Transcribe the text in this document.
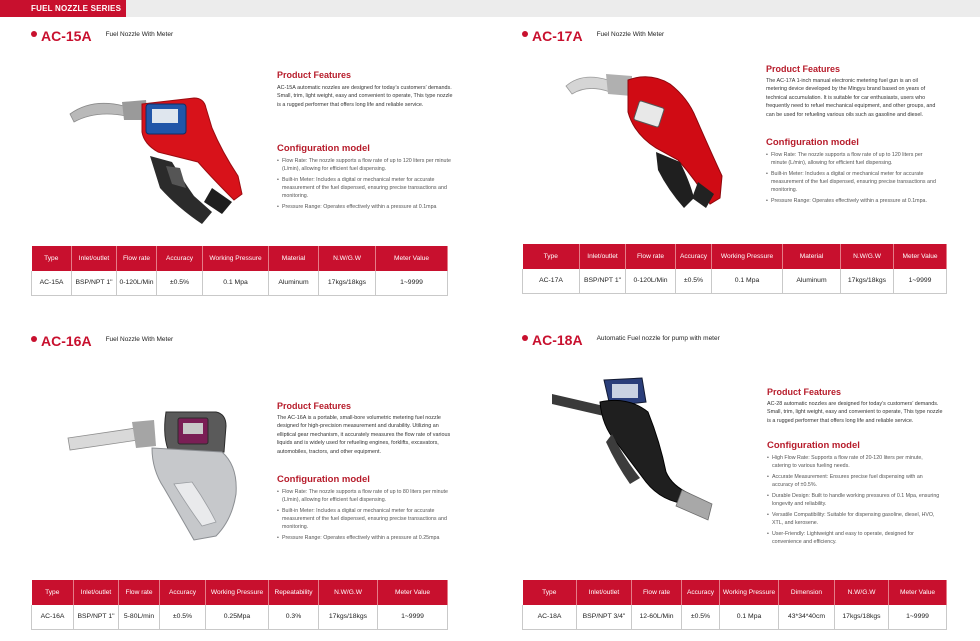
FUEL NOZZLE SERIES
AC-15A Fuel Nozzle With Meter
Product Features
AC-15A automatic nozzles are designed for today’s customers’ demands. Small, trim, light weight, easy and convenient to operate, This type nozzle is a rugged performer that offers long life and reliable service.
Configuration model
• Flow Rate: The nozzle supports a flow rate of up to 120 liters per minute (L/min), allowing for efficient fuel dispensing.
• Built-in Meter: Includes a digital or mechanical meter for accurate measurement of the fuel dispensed, ensuring precise transactions and monitoring.
• Pressure Range: Operates effectively within a pressure at 0.1mpa
Type	Inlet/outlet	Flow rate	Accuracy	Working Pressure	Material	N.W/G.W	Meter Value
AC-15A	BSP/NPT 1"	0-120L/Min	±0.5%	0.1 Mpa	Aluminum	17kgs/18kgs	1~9999
AC-17A Fuel Nozzle With Meter
Product Features
The AC-17A 1-inch manual electronic metering fuel gun is an oil metering device developed by the Mingyu brand based on years of technical accumulation. It is suitable for car enthusiasts, users who frequently need to refuel mechanical equipment, and other groups, and can be used for refueling various oils such as gasoline and diesel.
Configuration model
• Flow Rate: The nozzle supports a flow rate of up to 120 liters per minute (L/min), allowing for efficient fuel dispensing.
• Built-in Meter: Includes a digital or mechanical meter for accurate measurement of the fuel dispensed, ensuring precise transactions and monitoring.
• Pressure Range: Operates effectively within a pressure at 0.1mpa.
Type	Inlet/outlet	Flow rate	Accuracy	Working Pressure	Material	N.W/G.W	Meter Value
AC-17A	BSP/NPT 1"	0-120L/Min	±0.5%	0.1 Mpa	Aluminum	17kgs/18kgs	1~9999
AC-16A Fuel Nozzle With Meter
Product Features
The AC-16A is a portable, small-bore volumetric metering fuel nozzle designed for high-precision measurement and durability. Utilizing an elliptical gear mechanism, it accurately measures the flow rate of various liquids and is widely used for refueling engines, forklifts, excavators, automobiles, tractors, and other equipment.
Configuration model
• Flow Rate: The nozzle supports a flow rate of up to 80 liters per minute (L/min), allowing for efficient fuel dispensing.
• Built-in Meter: Includes a digital or mechanical meter for accurate measurement of the fuel dispensed, ensuring precise transactions and monitoring.
• Pressure Range: Operates effectively within a pressure at 0.25mpa
Type	Inlet/outlet	Flow rate	Accuracy	Working Pressure	Repeatability	N.W/G.W	Meter Value
AC-16A	BSP/NPT 1"	5-80L/min	±0.5%	0.25Mpa	0.3%	17kgs/18kgs	1~9999
AC-18A Automatic Fuel nozzle for pump with meter
Product Features
AC-28 automatic nozzles are designed for today’s customers’ demands. Small, trim, light weight, easy and convenient to operate, This type nozzle is a rugged performer that offers long life and reliable service.
Configuration model
• High Flow Rate: Supports a flow rate of 20-120 liters per minute, catering to various fueling needs.
• Accurate Measurement: Ensures precise fuel dispensing with an accuracy of ±0.5%.
• Durable Design: Built to handle working pressures of 0.1 Mpa, ensuring longevity and reliability.
• Versatile Compatibility: Suitable for dispensing gasoline, diesel, HVO, XTL, and kerosene.
• User-Friendly: Lightweight and easy to operate, designed for convenience and efficiency.
Type	Inlet/outlet	Flow rate	Accuracy	Working Pressure	Dimension	N.W/G.W	Meter Value
AC-18A	BSP/NPT 3/4"	12-60L/Min	±0.5%	0.1 Mpa	43*34*40cm	17kgs/18kgs	1~9999
